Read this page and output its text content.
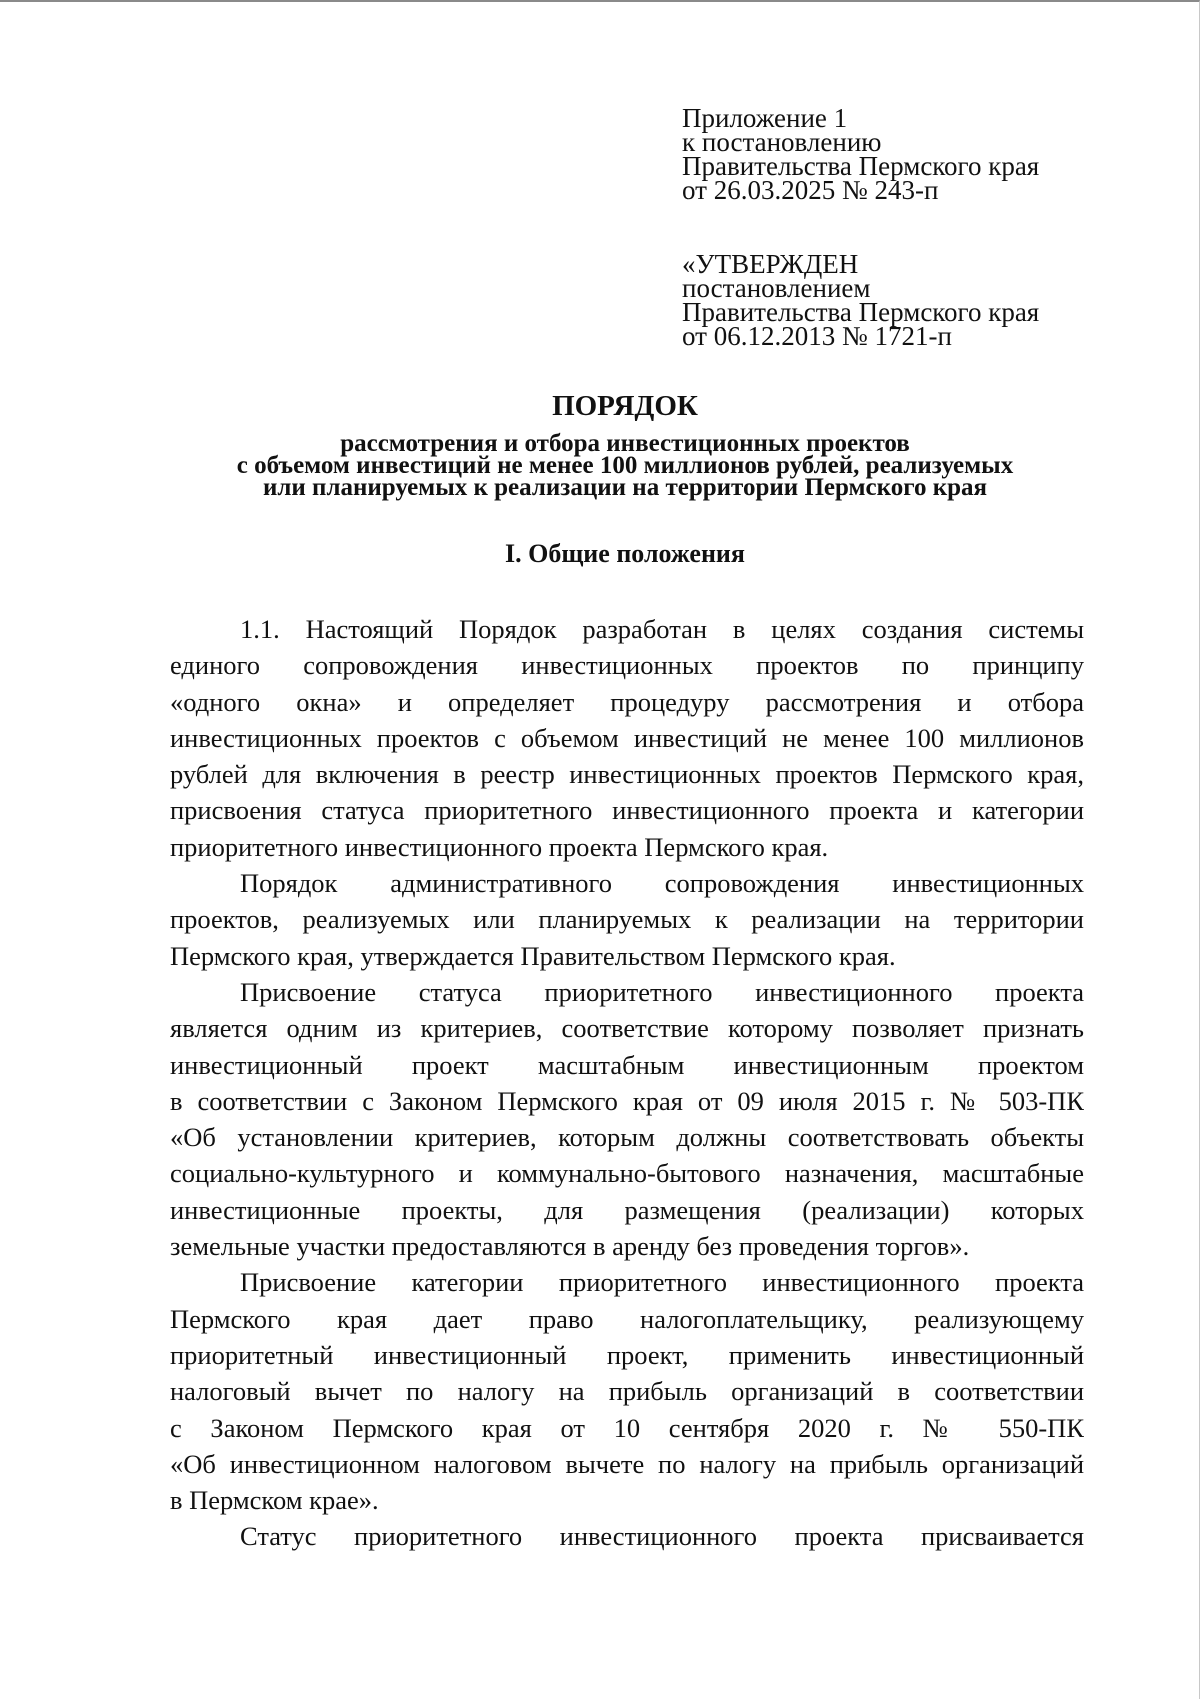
Приложение 1
к постановлению
Правительства Пермского края
от 26.03.2025 № 243-п
«УТВЕРЖДЕН
постановлением
Правительства Пермского края
от 06.12.2013 № 1721-п
ПОРЯДОК
рассмотрения и отбора инвестиционных проектов
с объемом инвестиций не менее 100 миллионов рублей, реализуемых
или планируемых к реализации на территории Пермского края
I. Общие положения
1.1. Настоящий Порядок разработан в целях создания системы
единого сопровождения инвестиционных проектов по принципу
«одного окна» и определяет процедуру рассмотрения и отбора
инвестиционных проектов с объемом инвестиций не менее 100 миллионов
рублей для включения в реестр инвестиционных проектов Пермского края,
присвоения статуса приоритетного инвестиционного проекта и категории
приоритетного инвестиционного проекта Пермского края.
Порядок административного сопровождения инвестиционных
проектов, реализуемых или планируемых к реализации на территории
Пермского края, утверждается Правительством Пермского края.
Присвоение статуса приоритетного инвестиционного проекта
является одним из критериев, соответствие которому позволяет признать
инвестиционный проект масштабным инвестиционным проектом
в соответствии с Законом Пермского края от 09 июля 2015 г. № 503-ПК
«Об установлении критериев, которым должны соответствовать объекты
социально-культурного и коммунально-бытового назначения, масштабные
инвестиционные проекты, для размещения (реализации) которых
земельные участки предоставляются в аренду без проведения торгов».
Присвоение категории приоритетного инвестиционного проекта
Пермского края дает право налогоплательщику, реализующему
приоритетный инвестиционный проект, применить инвестиционный
налоговый вычет по налогу на прибыль организаций в соответствии
с Законом Пермского края от 10 сентября 2020 г. № 550-ПК
«Об инвестиционном налоговом вычете по налогу на прибыль организаций
в Пермском крае».
Статус приоритетного инвестиционного проекта присваивается
